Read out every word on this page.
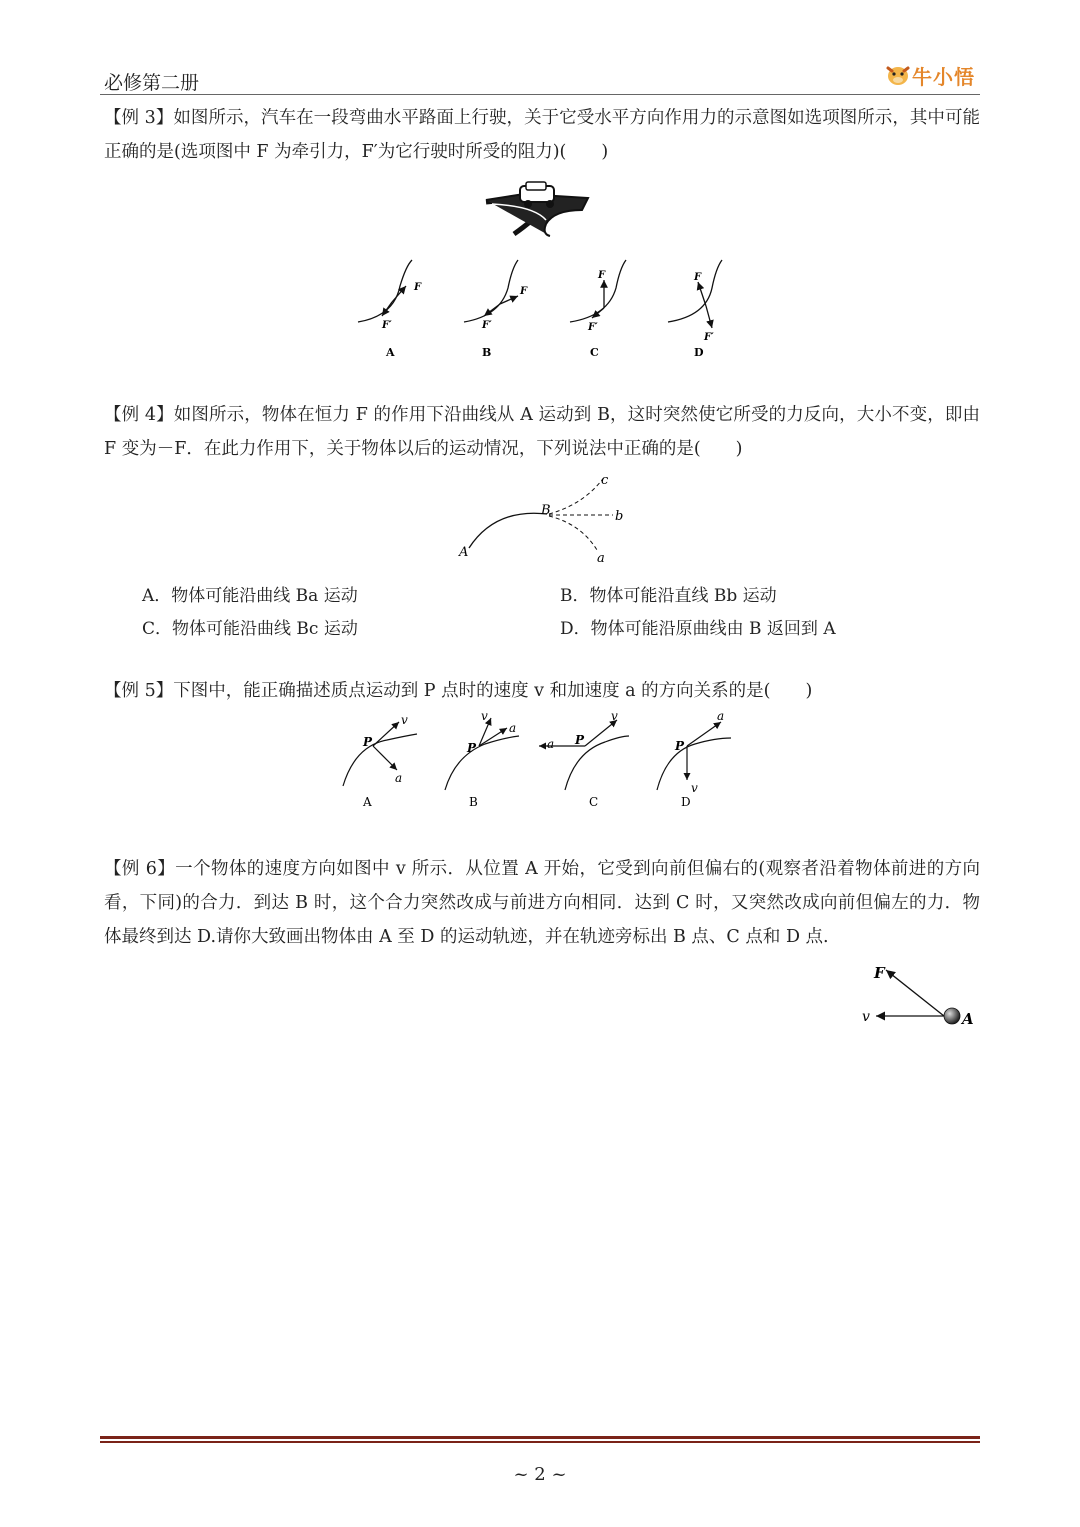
必修第二册	牛小悟
【例 3】如图所示，汽车在一段弯曲水平路面上行驶，关于它受水平方向作用力的示意图如选项图所示，其中可能正确的是(选项图中 F 为牵引力，F′为它行驶时所受的阻力)(　　)
F
F′
A
F
F′
B
F
F′
C
F
F′
D
【例 4】如图所示，物体在恒力 F 的作用下沿曲线从 A 运动到 B，这时突然使它所受的力反向，大小不变，即由 F 变为－F．在此力作用下，关于物体以后的运动情况，下列说法中正确的是(　　)
A
B
c
b
a
A．物体可能沿曲线 Ba 运动	B．物体可能沿直线 Bb 运动
C．物体可能沿曲线 Bc 运动	D．物体可能沿原曲线由 B 返回到 A
【例 5】下图中，能正确描述质点运动到 P 点时的速度 v 和加速度 a 的方向关系的是(　　)
P
v
a
A
P
v
a
B
P
v
a
C
P
a
v
D
【例 6】一个物体的速度方向如图中 v 所示．从位置 A 开始，它受到向前但偏右的(观察者沿着物体前进的方向看，下同)的合力．到达 B 时，这个合力突然改成与前进方向相同．达到 C 时，又突然改成向前但偏左的力．物体最终到达 D.请你大致画出物体由 A 至 D 的运动轨迹，并在轨迹旁标出 B 点、C 点和 D 点.
F
v	A
~ 2 ~
